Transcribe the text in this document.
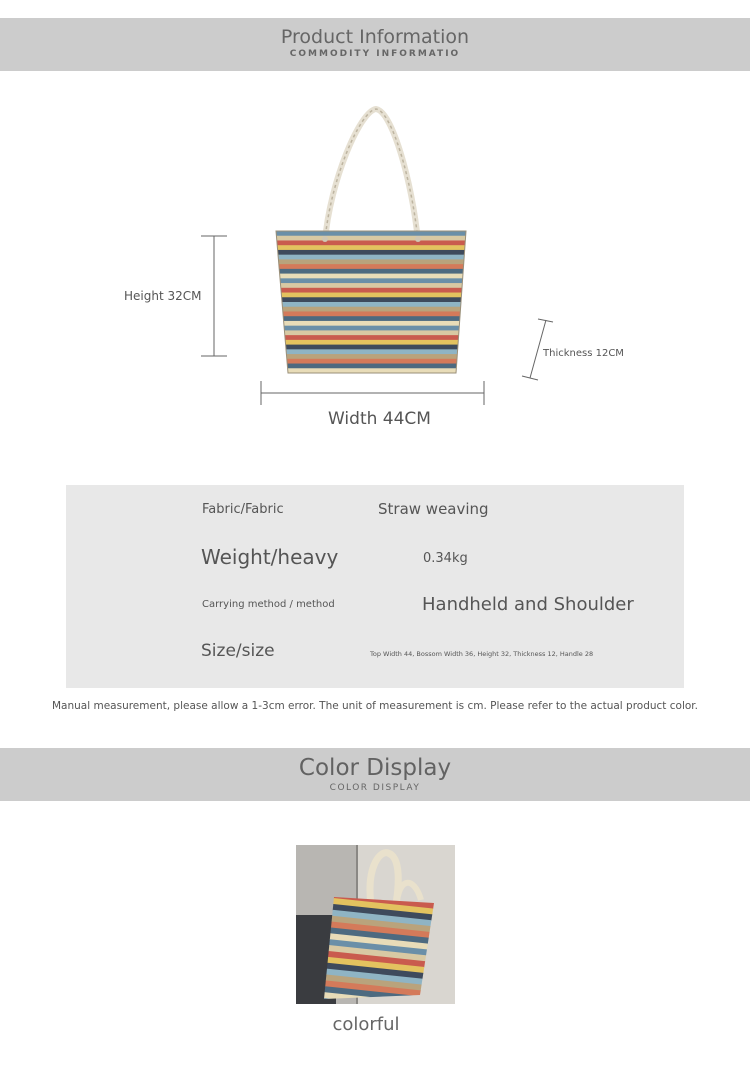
Product Information
COMMODITY INFORMATIO
Height 32CM
Width 44CM
Thickness 12CM
Fabric/Fabric	Straw weaving
Weight/heavy	0.34kg
Carrying method / method	Handheld and Shoulder
Size/size	Top Width 44, Bossom Width 36, Height 32, Thickness 12, Handle 28
Manual measurement, please allow a 1-3cm error. The unit of measurement is cm. Please refer to the actual product color.
Color Display
COLOR DISPLAY
colorful
